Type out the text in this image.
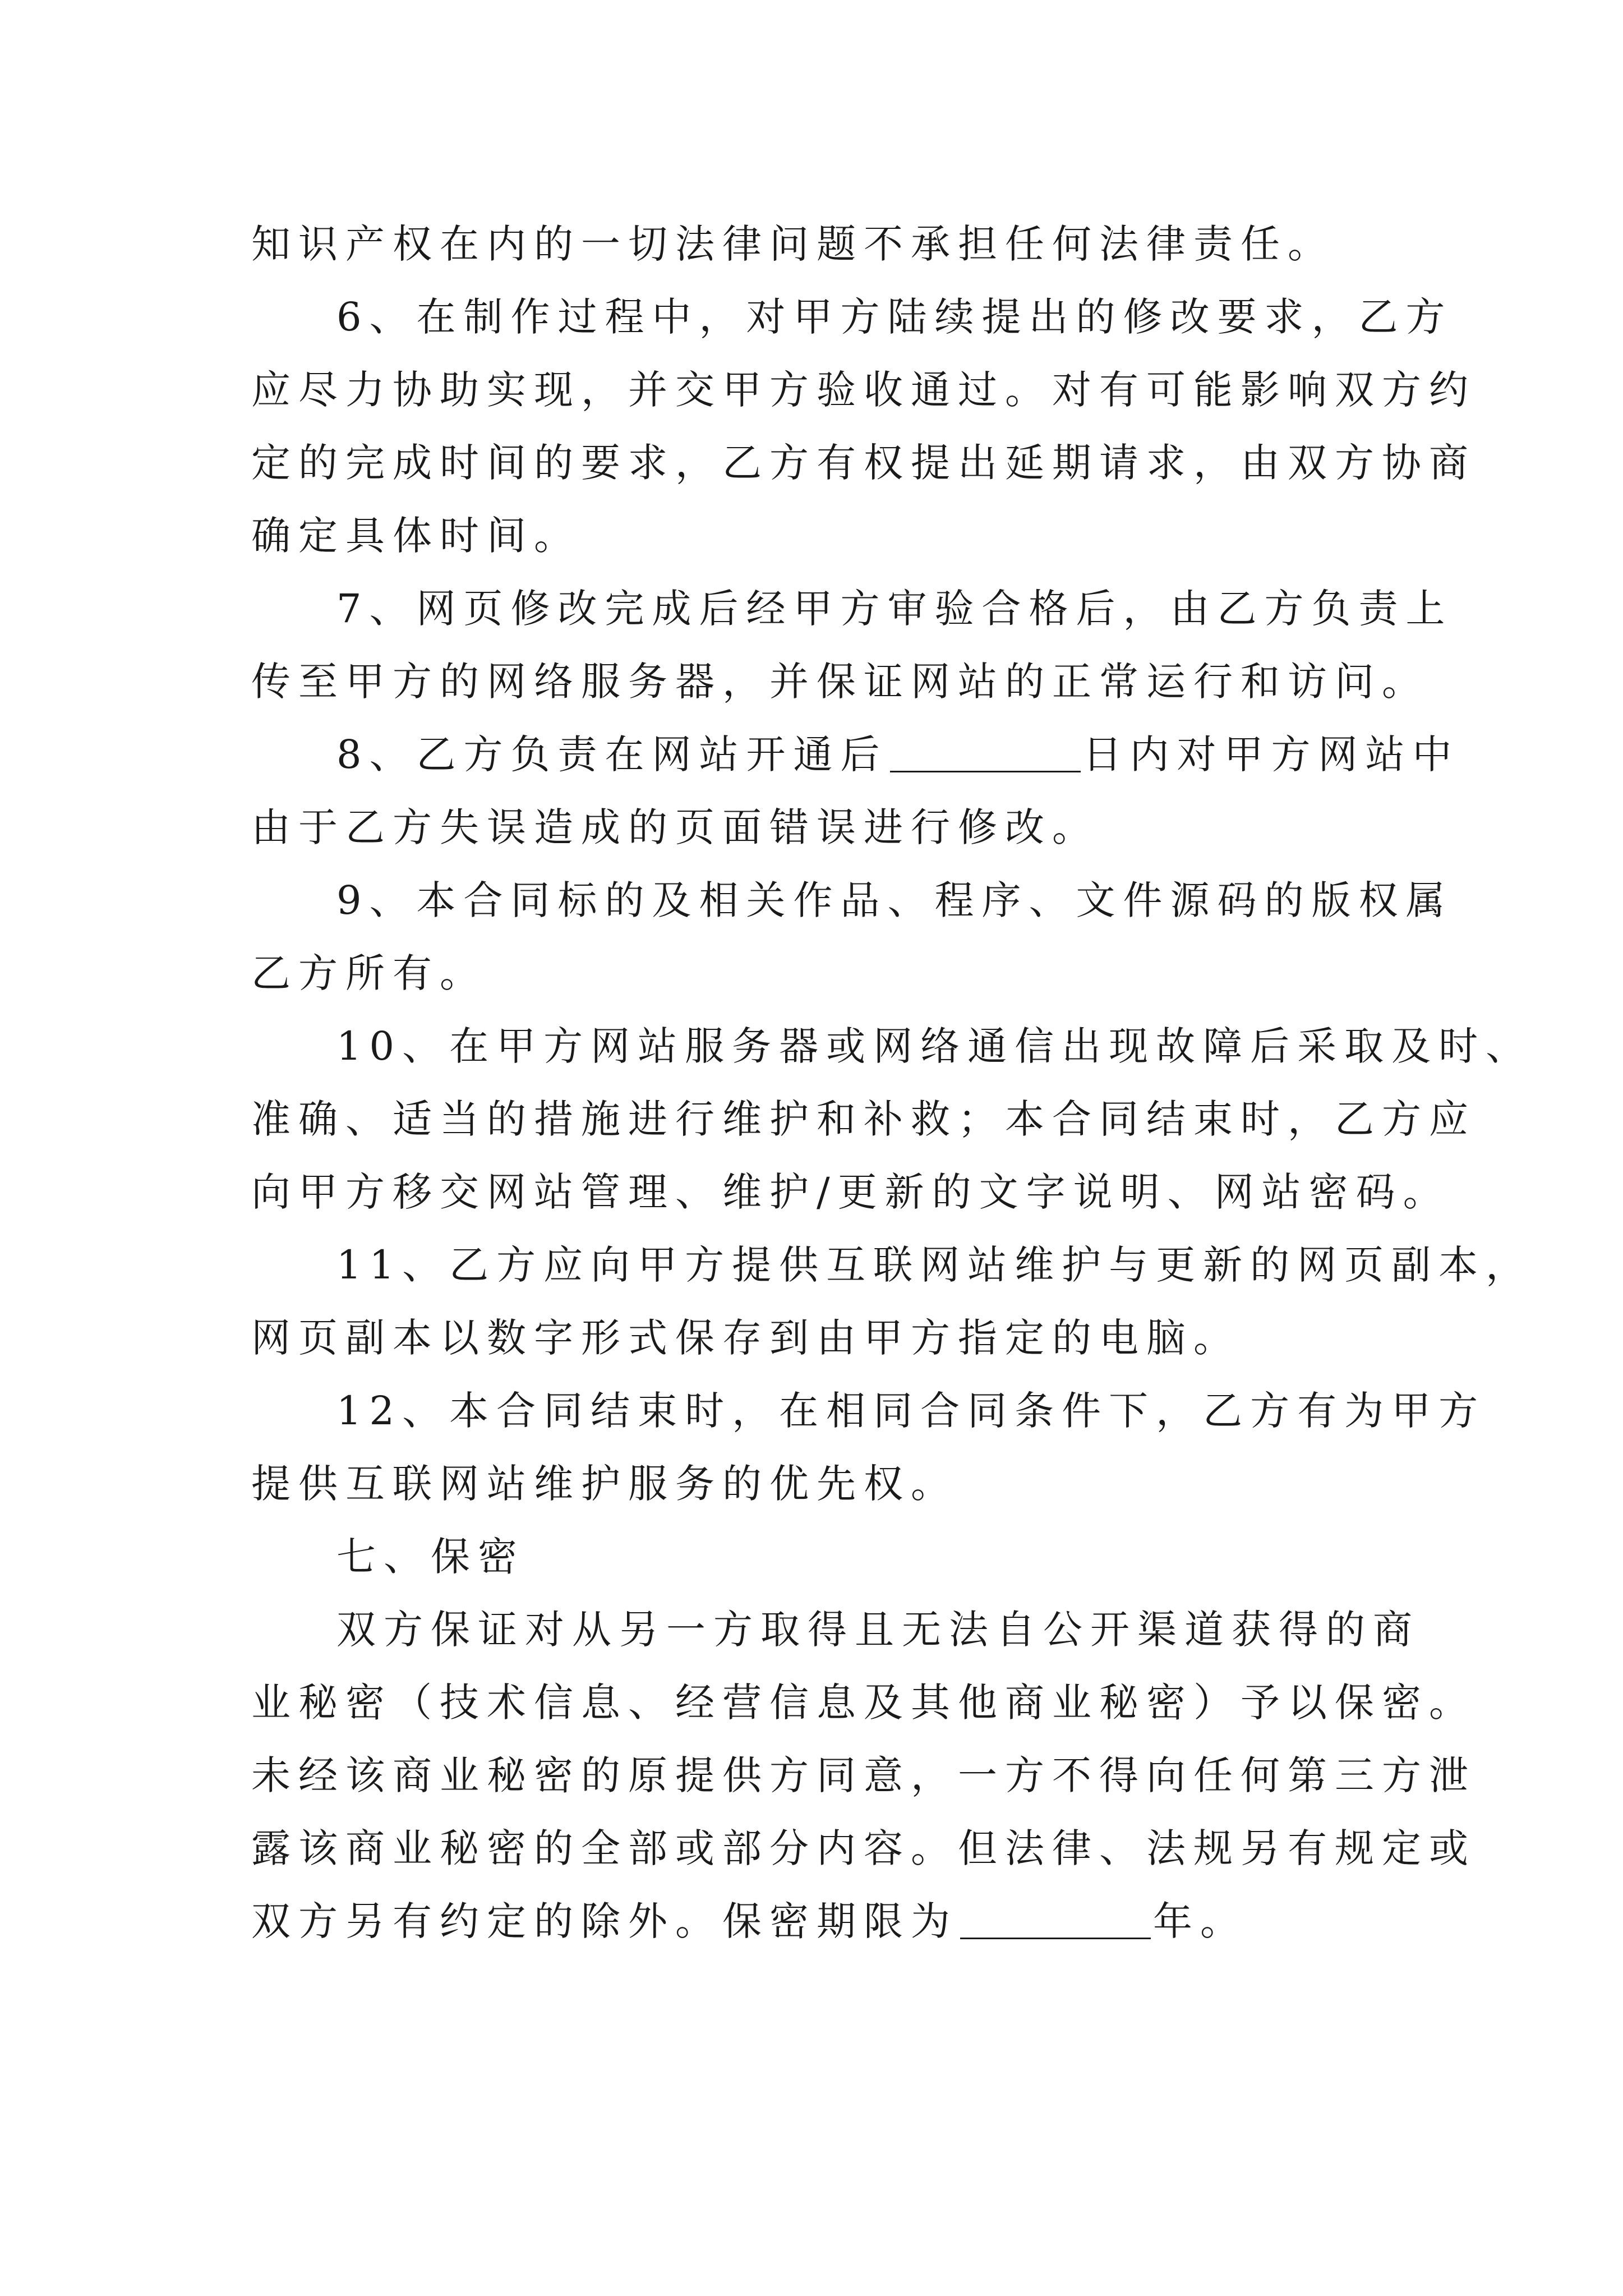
知识产权在内的一切法律问题不承担任何法律责任。
6、在制作过程中，对甲方陆续提出的修改要求，乙方
应尽力协助实现，并交甲方验收通过。对有可能影响双方约
定的完成时间的要求，乙方有权提出延期请求，由双方协商
确定具体时间。
7、网页修改完成后经甲方审验合格后，由乙方负责上
传至甲方的网络服务器，并保证网站的正常运行和访问。
8、乙方负责在网站开通后	日内对甲方网站中
由于乙方失误造成的页面错误进行修改。
9、本合同标的及相关作品、程序、文件源码的版权属
乙方所有。
10、在甲方网站服务器或网络通信出现故障后采取及时、
准确、适当的措施进行维护和补救；本合同结束时，乙方应
向甲方移交网站管理、维护/更新的文字说明、网站密码。
11、乙方应向甲方提供互联网站维护与更新的网页副本，
网页副本以数字形式保存到由甲方指定的电脑。
12、本合同结束时，在相同合同条件下，乙方有为甲方
提供互联网站维护服务的优先权。
七、保密
双方保证对从另一方取得且无法自公开渠道获得的商
业秘密（技术信息、经营信息及其他商业秘密）予以保密。
未经该商业秘密的原提供方同意，一方不得向任何第三方泄
露该商业秘密的全部或部分内容。但法律、法规另有规定或
双方另有约定的除外。保密期限为	年。
